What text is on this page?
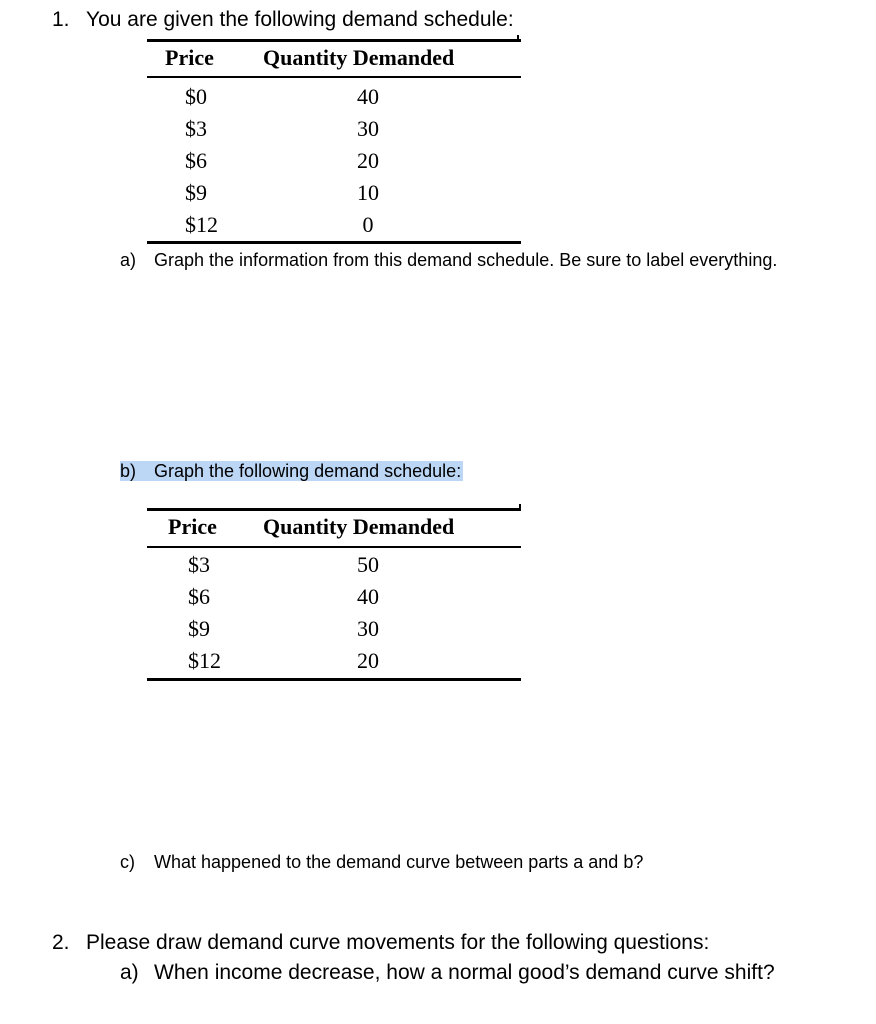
1. You are given the following demand schedule:
Price Quantity Demanded
$0	40
$3	30
$6	20
$9	10
$12	0
a) Graph the information from this demand schedule. Be sure to label everything.
b) Graph the following demand schedule:
Price Quantity Demanded
$3	50
$6	40
$9	30
$12	20
c) What happened to the demand curve between parts a and b?
2. Please draw demand curve movements for the following questions:
a) When income decrease, how a normal good’s demand curve shift?
